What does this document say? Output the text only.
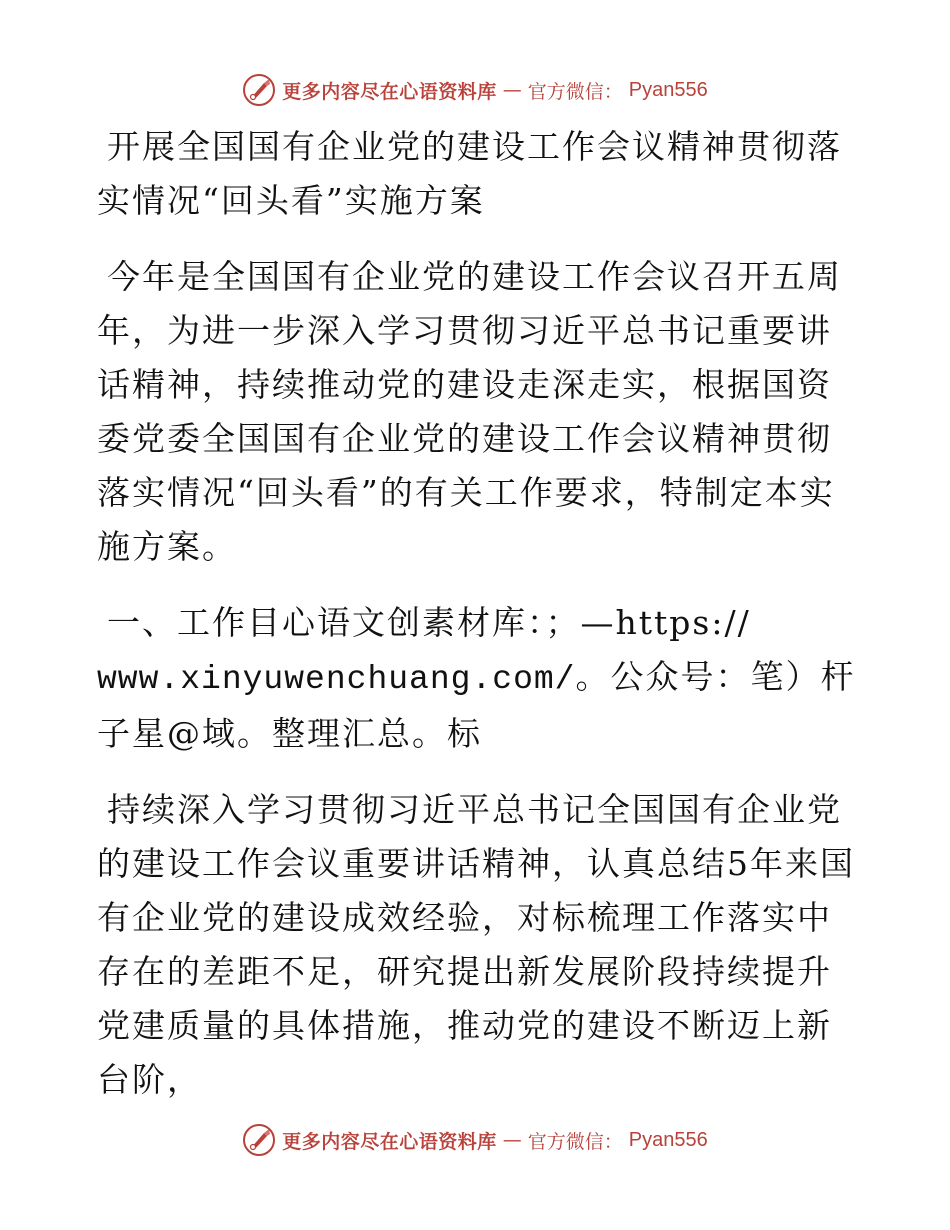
更多内容尽在心语资料库 — 官方微信： Pyan556

开展全国国有企业党的建设工作会议精神贯彻落实情况“回头看”实施方案

今年是全国国有企业党的建设工作会议召开五周年，为进一步深入学习贯彻习近平总书记重要讲话精神，持续推动党的建设走深走实，根据国资委党委全国国有企业党的建设工作会议精神贯彻落实情况“回头看”的有关工作要求，特制定本实施方案。

一、工作目心语文创素材库：；—https://
www.xinyuwenchuang.com/。公众号：笔）杆子星@域。整理汇总。标

持续深入学习贯彻习近平总书记全国国有企业党的建设工作会议重要讲话精神，认真总结5年来国有企业党的建设成效经验，对标梳理工作落实中存在的差距不足，研究提出新发展阶段持续提升党建质量的具体措施，推动党的建设不断迈上新台阶，

更多内容尽在心语资料库 — 官方微信： Pyan556
